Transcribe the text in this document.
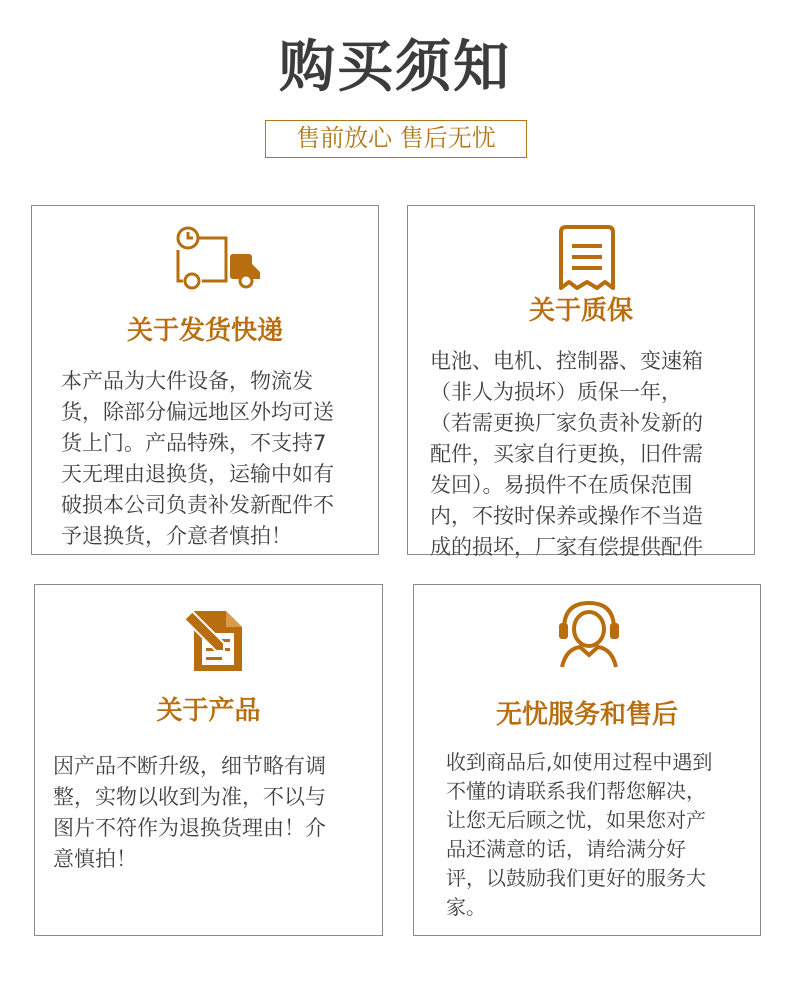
购买须知
售前放心 售后无忧
关于发货快递
本产品为大件设备，物流发
货，除部分偏远地区外均可送
货上门。产品特殊，不支持7
天无理由退换货，运输中如有
破损本公司负责补发新配件不
予退换货，介意者慎拍！
关于质保
电池、电机、控制器、变速箱
（非人为损坏）质保一年，
（若需更换厂家负责补发新的
配件，买家自行更换，旧件需
发回）。易损件不在质保范围
内，不按时保养或操作不当造
成的损坏，厂家有偿提供配件
关于产品
因产品不断升级，细节略有调
整，实物以收到为准，不以与
图片不符作为退换货理由！介
意慎拍！
无忧服务和售后
收到商品后,如使用过程中遇到
不懂的请联系我们帮您解决，
让您无后顾之忧，如果您对产
品还满意的话，请给满分好
评，以鼓励我们更好的服务大
家。
